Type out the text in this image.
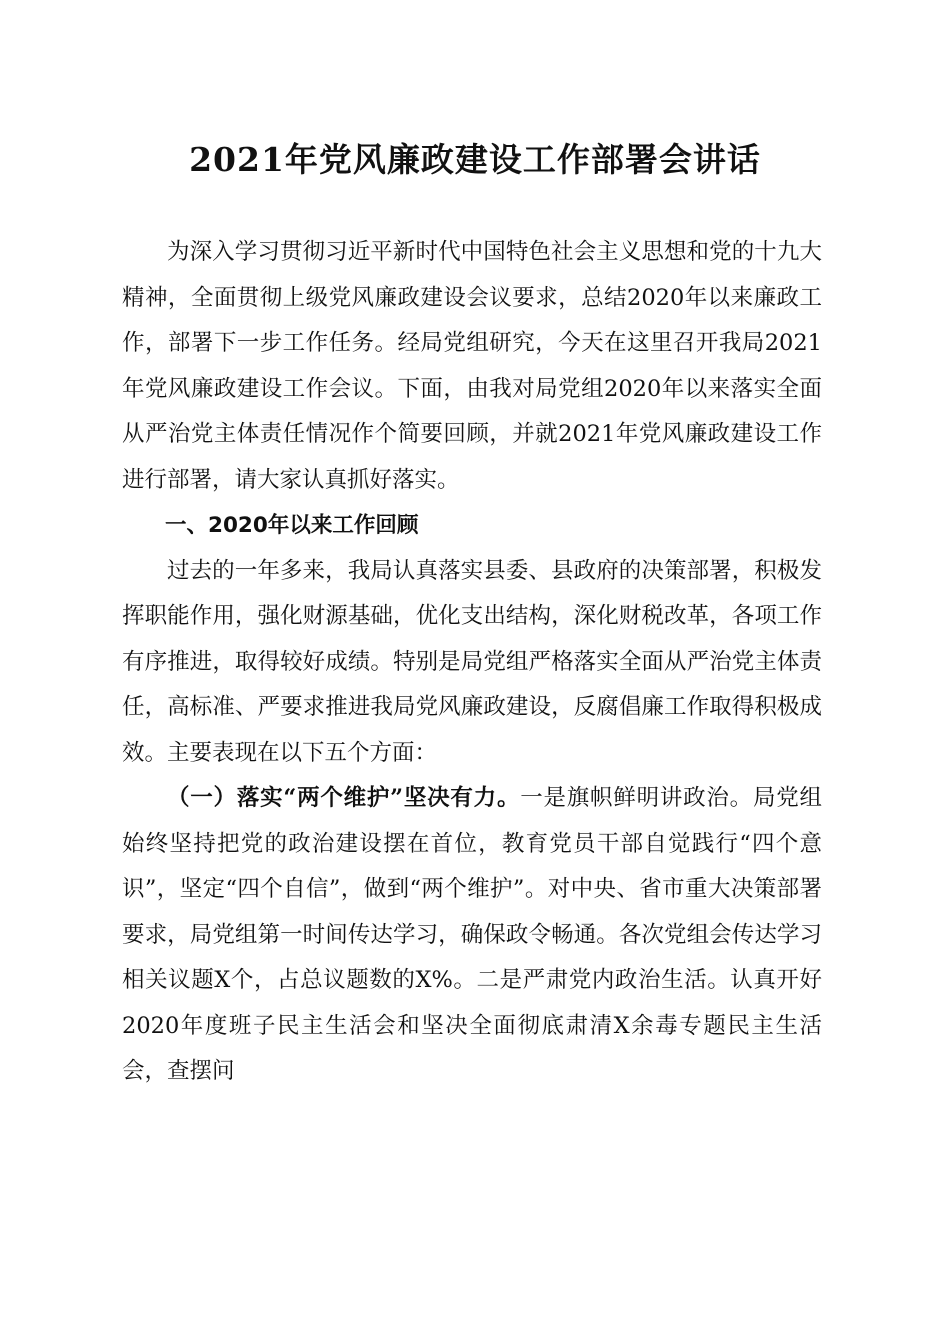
2021年党风廉政建设工作部署会讲话

为深入学习贯彻习近平新时代中国特色社会主义思想和党的十九大精神，全面贯彻上级党风廉政建设会议要求，总结2020年以来廉政工作，部署下一步工作任务。经局党组研究，今天在这里召开我局2021年党风廉政建设工作会议。下面，由我对局党组2020年以来落实全面从严治党主体责任情况作个简要回顾，并就2021年党风廉政建设工作进行部署，请大家认真抓好落实。

一、2020年以来工作回顾

过去的一年多来，我局认真落实县委、县政府的决策部署，积极发挥职能作用，强化财源基础，优化支出结构，深化财税改革，各项工作有序推进，取得较好成绩。特别是局党组严格落实全面从严治党主体责任，高标准、严要求推进我局党风廉政建设，反腐倡廉工作取得积极成效。主要表现在以下五个方面：

（一）落实“两个维护”坚决有力。一是旗帜鲜明讲政治。局党组始终坚持把党的政治建设摆在首位，教育党员干部自觉践行“四个意识”，坚定“四个自信”，做到“两个维护”。对中央、省市重大决策部署要求，局党组第一时间传达学习，确保政令畅通。各次党组会传达学习相关议题X个，占总议题数的X%。二是严肃党内政治生活。认真开好2020年度班子民主生活会和坚决全面彻底肃清X余毒专题民主生活会，查摆问
